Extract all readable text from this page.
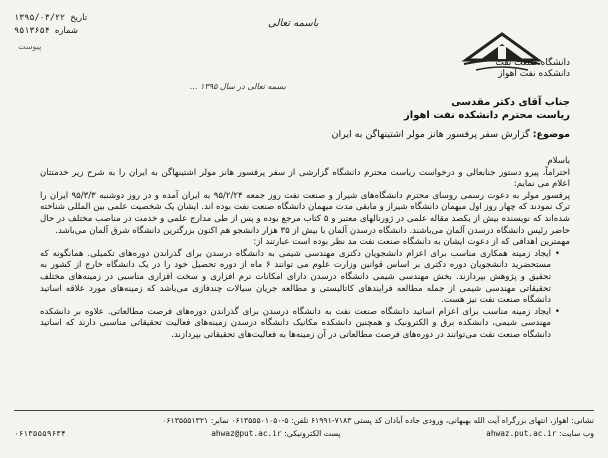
تاریخ
۱۳۹۵/۰۳/۲۲
شماره
۹۵۱۳۶۵۴
پیوست
باسمه تعالی
دانشگاه صنعت نفت
دانشکده نفت اهواز
بسمه تعالی در سال ۱۳۹۵ ...
جناب آقای دکتر مقدسی
ریاست محترم دانشکده نفت اهواز
موضوع: گزارش سفر پرفسور هانز مولر اشتینهاگن به ایران

باسلام

احتراماً، پیرو دستور جنابعالی و درخواست ریاست محترم دانشگاه گزارشی از سفر پرفسور هانز مولر اشتینهاگن به ایران را به شرح زیر خدمتتان اعلام می نمایم:

پرفسور مولر به دعوت رسمی روسای محترم دانشگاه‌های شیراز و صنعت نفت روز جمعه ۹۵/۲/۲۴ به ایران آمده و در روز دوشنبه ۹۵/۳/۳ ایران را ترک نمودند که چهار روز اول میهمان دانشگاه شیراز و مابقی مدت میهمان دانشگاه صنعت نفت بوده اند. ایشان یک شخصیت علمی بین المللی شناخته شده‌اند که نویسنده بیش از یکصد مقاله علمی در ژورنالهای معتبر و ۵ کتاب مرجع بوده و پس از طی مدارج علمی و خدمت در مناصب مختلف در حال حاضر رئیس دانشگاه درسدن آلمان می‌باشند. دانشگاه درسدن آلمان با بیش از ۳۵ هزار دانشجو هم اکنون بزرگترین دانشگاه شرق آلمان می‌باشد.

مهمترین اهدافی که از دعوت ایشان به دانشگاه صنعت نفت مد نظر بوده است عبارتند از:

• ایجاد زمینه همکاری مناسب برای اعزام دانشجویان دکتری مهندسی شیمی به دانشگاه درسدن برای گذراندن دوره‌های تکمیلی. همانگونه که مستحضرید دانشجویان دوره دکتری بر اساس قوانین وزارت علوم می توانند ۶ ماه از دوره تحصیل خود را در یک دانشگاه خارج از کشور به تحقیق و پژوهش بپردازند. بخش مهندسی شیمی دانشگاه درسدن دارای امکانات نرم افزاری و سخت افزاری مناسبی در زمینه‌های مختلف تحقیقاتی مهندسی شیمی از جمله مطالعه فرایندهای کاتالیستی و مطالعه جریان سیالات چندفازی می‌باشد که زمینه‌های مورد علاقه اساتید دانشگاه صنعت نفت نیز هست.
• ایجاد زمینه مناسب برای اعزام اساتید دانشگاه صنعت نفت به دانشگاه درسدن برای گذراندن دوره‌های فرصت مطالعاتی. علاوه بر دانشکده مهندسی شیمی، دانشکده برق و الکترونیک و همچنین دانشکده مکانیک دانشگاه درسدن زمینه‌های فعالیت تحقیقاتی مناسبی دارند که اساتید دانشگاه صنعت نفت می‌توانند در دوره‌های فرصت مطالعاتی در آن زمینه‌ها به فعالیت‌های تحقیقاتی بپردازند.
نشانی: اهواز، انتهای بزرگراه آیت الله بهبهانی، ورودی جاده آبادان کد پستی ۷۱۸۳-۶۱۹۹۱ تلفن: ۵-۰۶۱۳۵۵۵۰۱۰۵۰ نمابر: ۰۶۱۳۵۵۵۱۳۲۱
وب سایت: ahwaz.put.ac.ir
پست الکترونیکی: ahwaz@put.ac.ir
۰۶۱۳۵۵۵۹۶۳۴
